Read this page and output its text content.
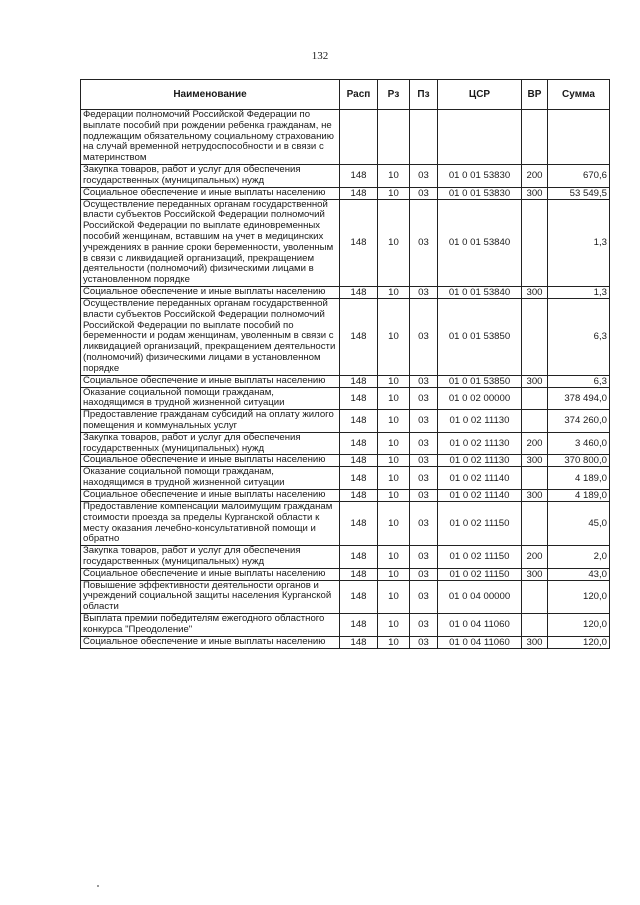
132
Наименование	Расп	Рз	Пз	ЦСР	ВР	Сумма
Федерации полномочий Российской Федерации по выплате пособий при рождении ребенка гражданам, не подлежащим обязательному социальному страхованию на случай временной нетрудоспособности и в связи с материнством						
Закупка товаров, работ и услуг для обеспечения государственных (муниципальных) нужд	148	10	03	01 0 01 53830	200	670,6
Социальное обеспечение и иные выплаты населению	148	10	03	01 0 01 53830	300	53 549,5
Осуществление переданных органам государственной власти субъектов Российской Федерации полномочий Российской Федерации по выплате единовременных пособий женщинам, вставшим на учет в медицинских учреждениях в ранние сроки беременности, уволенным в связи с ликвидацией организаций, прекращением деятельности (полномочий) физическими лицами в установленном порядке	148	10	03	01 0 01 53840		1,3
Социальное обеспечение и иные выплаты населению	148	10	03	01 0 01 53840	300	1,3
Осуществление переданных органам государственной власти субъектов Российской Федерации полномочий Российской Федерации по выплате пособий по беременности и родам женщинам, уволенным в связи с ликвидацией организаций, прекращением деятельности (полномочий) физическими лицами в установленном порядке	148	10	03	01 0 01 53850		6,3
Социальное обеспечение и иные выплаты населению	148	10	03	01 0 01 53850	300	6,3
Оказание социальной помощи гражданам, находящимся в трудной жизненной ситуации	148	10	03	01 0 02 00000		378 494,0
Предоставление гражданам субсидий на оплату жилого помещения и коммунальных услуг	148	10	03	01 0 02 11130		374 260,0
Закупка товаров, работ и услуг для обеспечения государственных (муниципальных) нужд	148	10	03	01 0 02 11130	200	3 460,0
Социальное обеспечение и иные выплаты населению	148	10	03	01 0 02 11130	300	370 800,0
Оказание социальной помощи гражданам, находящимся в трудной жизненной ситуации	148	10	03	01 0 02 11140		4 189,0
Социальное обеспечение и иные выплаты населению	148	10	03	01 0 02 11140	300	4 189,0
Предоставление компенсации малоимущим гражданам стоимости проезда за пределы Курганской области к месту оказания лечебно-консультативной помощи и обратно	148	10	03	01 0 02 11150		45,0
Закупка товаров, работ и услуг для обеспечения государственных (муниципальных) нужд	148	10	03	01 0 02 11150	200	2,0
Социальное обеспечение и иные выплаты населению	148	10	03	01 0 02 11150	300	43,0
Повышение эффективности деятельности органов и учреждений социальной защиты населения Курганской области	148	10	03	01 0 04 00000		120,0
Выплата премии победителям ежегодного областного конкурса "Преодоление"	148	10	03	01 0 04 11060		120,0
Социальное обеспечение и иные выплаты населению	148	10	03	01 0 04 11060	300	120,0
